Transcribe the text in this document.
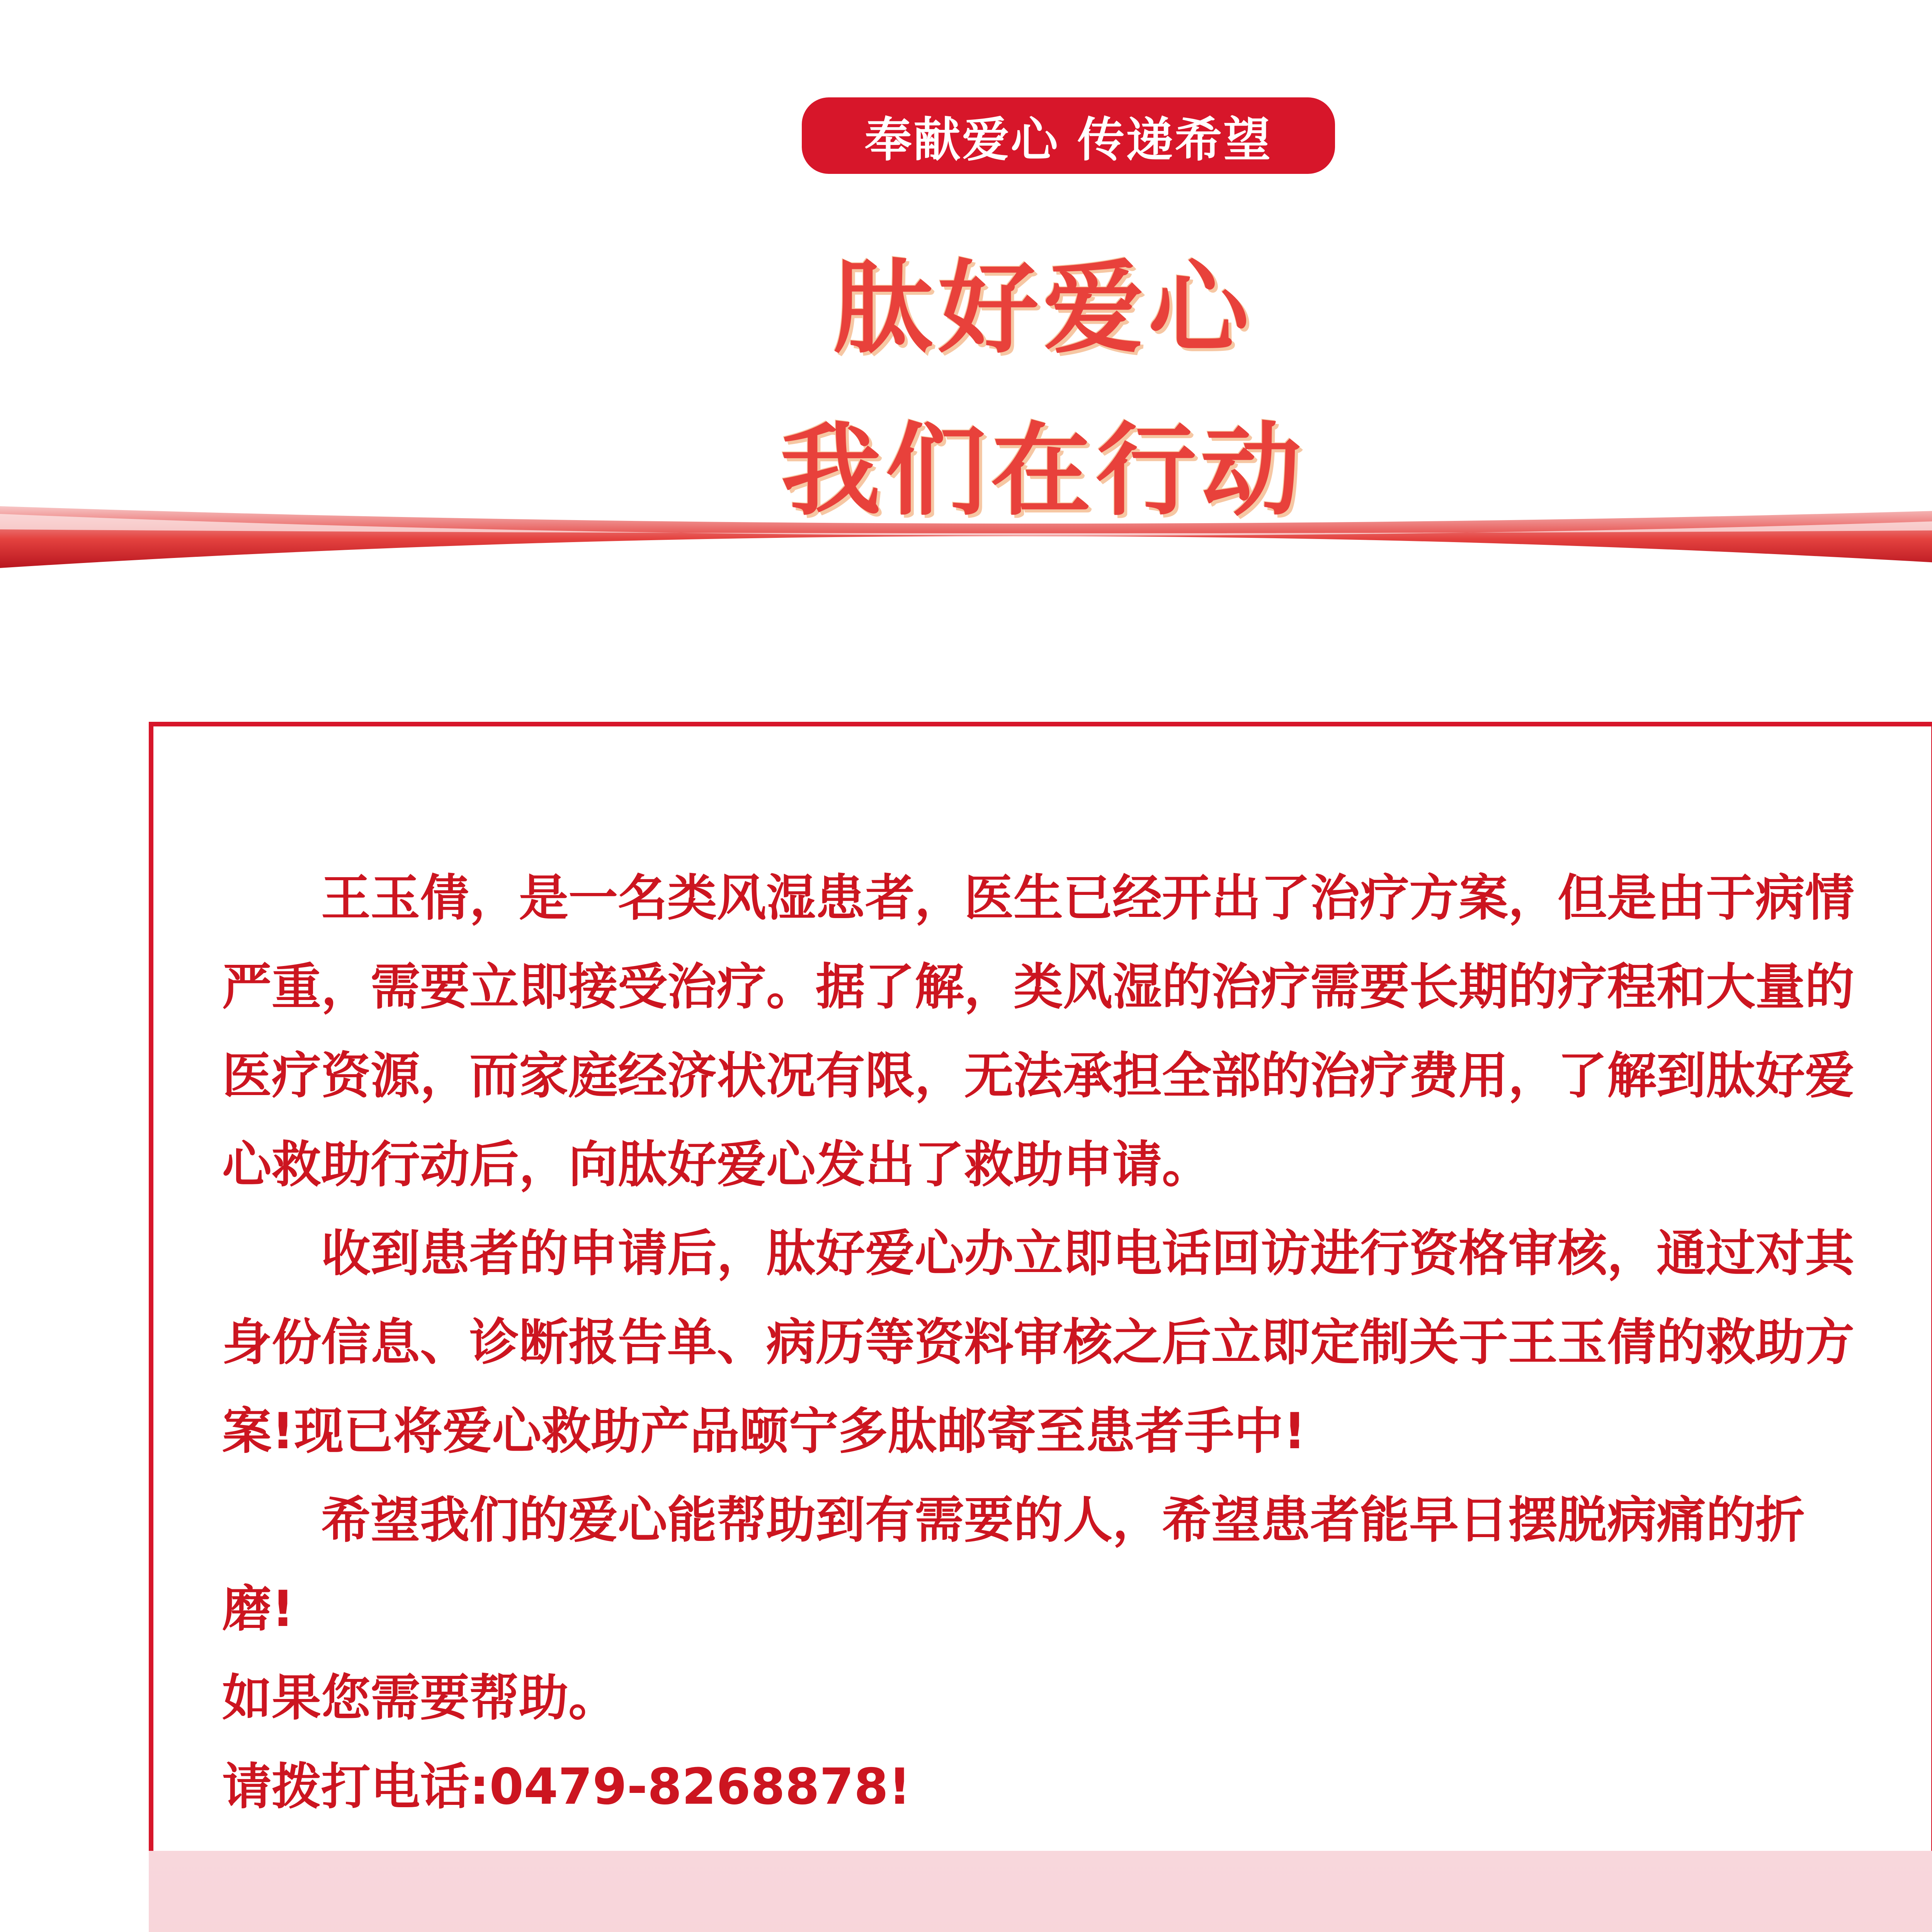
奉献爱心 传递希望
肽好爱心
我们在行动

王玉倩，是一名类风湿患者，医生已经开出了治疗方案，但是由于病情严重，需要立即接受治疗。据了解，类风湿的治疗需要长期的疗程和大量的医疗资源，而家庭经济状况有限，无法承担全部的治疗费用，了解到肽好爱心救助行动后，向肽好爱心发出了救助申请。

收到患者的申请后，肽好爱心办立即电话回访进行资格审核，通过对其身份信息、诊断报告单、病历等资料审核之后立即定制关于王玉倩的救助方案!现已将爱心救助产品颐宁多肽邮寄至患者手中!

希望我们的爱心能帮助到有需要的人，希望患者能早日摆脱病痛的折磨!

如果您需要帮助。

请拨打电话:0479-8268878!
